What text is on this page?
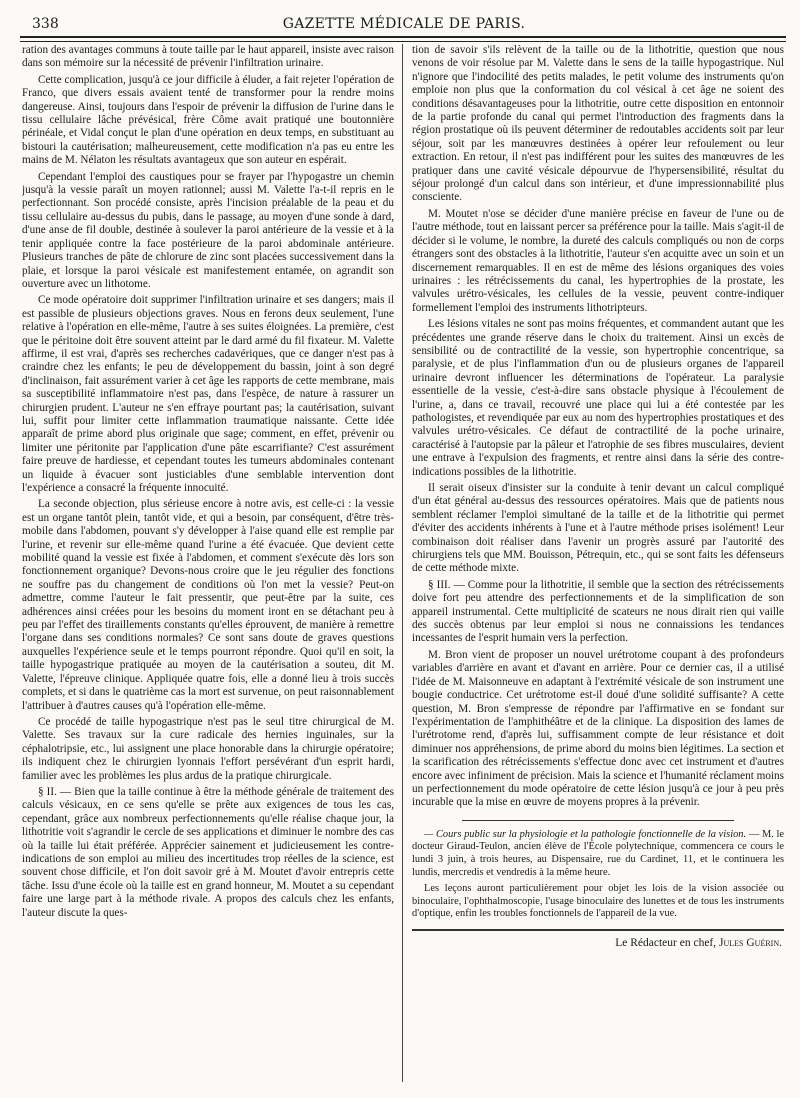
338	GAZETTE MÉDICALE DE PARIS.

ration des avantages communs à toute taille par le haut appareil, insiste avec raison dans son mémoire sur la nécessité de prévenir l'infiltration urinaire.

Cette complication, jusqu'à ce jour difficile à éluder, a fait rejeter l'opération de Franco, que divers essais avaient tenté de transformer pour la rendre moins dangereuse. Ainsi, toujours dans l'espoir de prévenir la diffusion de l'urine dans le tissu cellulaire lâche prévésical, frère Côme avait pratiqué une boutonnière périnéale, et Vidal conçut le plan d'une opération en deux temps, en substituant au bistouri la cautérisation; malheureusement, cette modification n'a pas eu entre les mains de M. Nélaton les résultats avantageux que son auteur en espérait.

Cependant l'emploi des caustiques pour se frayer par l'hypogastre un chemin jusqu'à la vessie paraît un moyen rationnel; aussi M. Valette l'a-t-il repris en le perfectionnant. Son procédé consiste, après l'incision préalable de la peau et du tissu cellulaire au-dessus du pubis, dans le passage, au moyen d'une sonde à dard, d'une anse de fil double, destinée à soulever la paroi antérieure de la vessie et à la tenir appliquée contre la face postérieure de la paroi abdominale antérieure. Plusieurs tranches de pâte de chlorure de zinc sont placées successivement dans la plaie, et lorsque la paroi vésicale est manifestement entamée, on agrandit son ouverture avec un lithotome.

Ce mode opératoire doit supprimer l'infiltration urinaire et ses dangers; mais il est passible de plusieurs objections graves. Nous en ferons deux seulement, l'une relative à l'opération en elle-même, l'autre à ses suites éloignées. La première, c'est que le péritoine doit être souvent atteint par le dard armé du fil fixateur. M. Valette affirme, il est vrai, d'après ses recherches cadavériques, que ce danger n'est pas à craindre chez les enfants; le peu de développement du bassin, joint à son degré d'inclinaison, fait assurément varier à cet âge les rapports de cette membrane, mais sa susceptibilité inflammatoire n'est pas, dans l'espèce, de nature à rassurer un chirurgien prudent. L'auteur ne s'en effraye pourtant pas; la cautérisation, suivant lui, suffit pour limiter cette inflammation traumatique naissante. Cette idée apparaît de prime abord plus originale que sage; comment, en effet, prévenir ou limiter une péritonite par l'application d'une pâte escarrifiante? C'est assurément faire preuve de hardiesse, et cependant toutes les tumeurs abdominales contenant un liquide à évacuer sont justiciables d'une semblable intervention dont l'expérience a consacré la fréquente innocuité.

La seconde objection, plus sérieuse encore à notre avis, est celle-ci : la vessie est un organe tantôt plein, tantôt vide, et qui a besoin, par conséquent, d'être très-mobile dans l'abdomen, pouvant s'y développer à l'aise quand elle est remplie par l'urine, et revenir sur elle-même quand l'urine a été évacuée. Que devient cette mobilité quand la vessie est fixée à l'abdomen, et comment s'exécute dès lors son fonctionnement organique? Devons-nous croire que le jeu régulier des fonctions ne souffre pas du changement de conditions où l'on met la vessie? Peut-on admettre, comme l'auteur le fait pressentir, que peut-être par la suite, ces adhérences ainsi créées pour les besoins du moment iront en se détachant peu à peu par l'effet des tiraillements constants qu'elles éprouvent, de manière à remettre l'organe dans ses conditions normales? Ce sont sans doute de graves questions auxquelles l'expérience seule et le temps pourront répondre. Quoi qu'il en soit, la taille hypogastrique pratiquée au moyen de la cautérisation a souteu, dit M. Valette, l'épreuve clinique. Appliquée quatre fois, elle a donné lieu à trois succès complets, et si dans le quatrième cas la mort est survenue, on peut raisonnablement l'attribuer à d'autres causes qu'à l'opération elle-même.

Ce procédé de taille hypogastrique n'est pas le seul titre chirurgical de M. Valette. Ses travaux sur la cure radicale des hernies inguinales, sur la céphalotripsie, etc., lui assignent une place honorable dans la chirurgie opératoire; ils indiquent chez le chirurgien lyonnais l'effort persévérant d'un esprit hardi, familier avec les problèmes les plus ardus de la pratique chirurgicale.

§ II. — Bien que la taille continue à être la méthode générale de traitement des calculs vésicaux, en ce sens qu'elle se prête aux exigences de tous les cas, cependant, grâce aux nombreux perfectionnements qu'elle réalise chaque jour, la lithotritie voit s'agrandir le cercle de ses applications et diminuer le nombre des cas où la taille lui était préférée. Apprécier sainement et judicieusement les contre-indications de son emploi au milieu des incertitudes trop réelles de la science, est souvent chose difficile, et l'on doit savoir gré à M. Moutet d'avoir entrepris cette tâche. Issu d'une école où la taille est en grand honneur, M. Moutet a su cependant faire une large part à la méthode rivale. A propos des calculs chez les enfants, l'auteur discute la ques-

tion de savoir s'ils relèvent de la taille ou de la lithotritie, question que nous venons de voir résolue par M. Valette dans le sens de la taille hypogastrique. Nul n'ignore que l'indocilité des petits malades, le petit volume des instruments qu'on emploie non plus que la conformation du col vésical à cet âge ne soient des conditions désavantageuses pour la lithotritie, outre cette disposition en entonnoir de la partie profonde du canal qui permet l'introduction des fragments dans la région prostatique où ils peuvent déterminer de redoutables accidents soit par leur séjour, soit par les manœuvres destinées à opérer leur refoulement ou leur extraction. En retour, il n'est pas indifférent pour les suites des manœuvres de les pratiquer dans une cavité vésicale dépourvue de l'hypersensibilité, résultat du séjour prolongé d'un calcul dans son intérieur, et d'une impressionnabilité plus consciente.

M. Moutet n'ose se décider d'une manière précise en faveur de l'une ou de l'autre méthode, tout en laissant percer sa préférence pour la taille. Mais s'agit-il de décider si le volume, le nombre, la dureté des calculs compliqués ou non de corps étrangers sont des obstacles à la lithotritie, l'auteur s'en acquitte avec un soin et un discernement remarquables. Il en est de même des lésions organiques des voies urinaires : les rétrécissements du canal, les hypertrophies de la prostate, les valvules urétro-vésicales, les cellules de la vessie, peuvent contre-indiquer formellement l'emploi des instruments lithotripteurs.

Les lésions vitales ne sont pas moins fréquentes, et commandent autant que les précédentes une grande réserve dans le choix du traitement. Ainsi un excès de sensibilité ou de contractilité de la vessie, son hypertrophie concentrique, sa paralysie, et de plus l'inflammation d'un ou de plusieurs organes de l'appareil urinaire devront influencer les déterminations de l'opérateur. La paralysie essentielle de la vessie, c'est-à-dire sans obstacle physique à l'écoulement de l'urine, a, dans ce travail, recouvré une place qui lui a été contestée par les pathologistes, et revendiquée par eux au nom des hypertrophies prostatiques et des valvules urétro-vésicales. Ce défaut de contractilité de la poche urinaire, caractérisé à l'autopsie par la pâleur et l'atrophie de ses fibres musculaires, devient une entrave à l'expulsion des fragments, et rentre ainsi dans la série des contre-indications possibles de la lithotritie.

Il serait oiseux d'insister sur la conduite à tenir devant un calcul compliqué d'un état général au-dessus des ressources opératoires. Mais que de patients nous semblent réclamer l'emploi simultané de la taille et de la lithotritie qui permet d'éviter des accidents inhérents à l'une et à l'autre méthode prises isolément! Leur combinaison doit réaliser dans l'avenir un progrès assuré par l'autorité des chirurgiens tels que MM. Bouisson, Pétrequin, etc., qui se sont faits les défenseurs de cette méthode mixte.

§ III. — Comme pour la lithotritie, il semble que la section des rétrécissements doive fort peu attendre des perfectionnements et de la simplification de son appareil instrumental. Cette multiplicité de scateurs ne nous dirait rien qui vaille des succès obtenus par leur emploi si nous ne connaissions les tendances incessantes de l'esprit humain vers la perfection.

M. Bron vient de proposer un nouvel urétrotome coupant à des profondeurs variables d'arrière en avant et d'avant en arrière. Pour ce dernier cas, il a utilisé l'idée de M. Maisonneuve en adaptant à l'extrémité vésicale de son instrument une bougie conductrice. Cet urétrotome est-il doué d'une solidité suffisante? A cette question, M. Bron s'empresse de répondre par l'affirmative en se fondant sur l'expérimentation de l'amphithéâtre et de la clinique. La disposition des lames de l'urétrotome rend, d'après lui, suffisamment compte de leur résistance et doit diminuer nos appréhensions, de prime abord du moins bien légitimes. La section et la scarification des rétrécissements s'effectue donc avec cet instrument et d'autres encore avec infiniment de précision. Mais la science et l'humanité réclament moins un perfectionnement du mode opératoire de cette lésion jusqu'à ce jour à peu près incurable que la mise en œuvre de moyens propres à la prévenir.

— Cours public sur la physiologie et la pathologie fonctionnelle de la vision. — M. le docteur Giraud-Teulon, ancien élève de l'École polytechnique, commencera ce cours le lundi 3 juin, à trois heures, au Dispensaire, rue du Cardinet, 11, et le continuera les lundis, mercredis et vendredis à la même heure.

Les leçons auront particulièrement pour objet les lois de la vision associée ou binoculaire, l'ophthalmoscopie, l'usage binoculaire des lunettes et de tous les instruments d'optique, enfin les troubles fonctionnels de l'appareil de la vue.

Le Rédacteur en chef, Jules Guérin.
